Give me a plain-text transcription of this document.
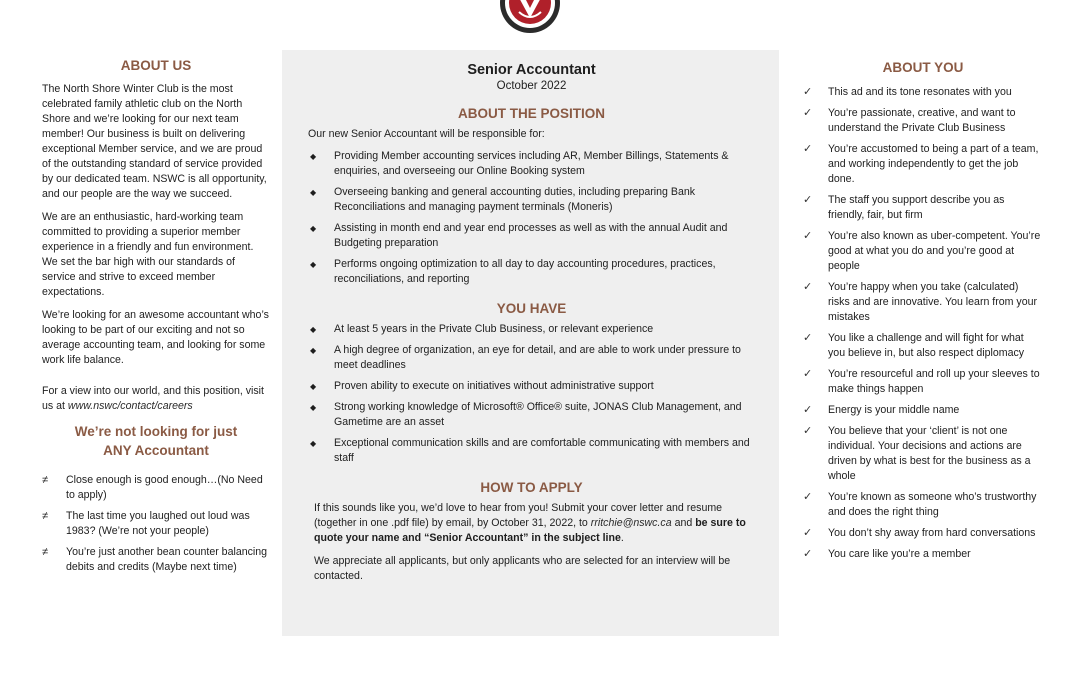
ABOUT US

The North Shore Winter Club is the most celebrated family athletic club on the North Shore and we’re looking for our next team member! Our business is built on delivering exceptional Member service, and we are proud of the outstanding standard of service provided by our dedicated team. NSWC is all opportunity, and our people are the way we succeed.

We are an enthusiastic, hard-working team committed to providing a superior member experience in a friendly and fun environment. We set the bar high with our standards of service and strive to exceed member expectations.

We’re looking for an awesome accountant who’s looking to be part of our exciting and not so average accounting team, and looking for some work life balance.

For a view into our world, and this position, visit us at www.nswc/contact/careers

We’re not looking for just
ANY Accountant
≠ Close enough is good enough…(No Need to apply)
≠ The last time you laughed out loud was 1983? (We’re not your people)
≠ You’re just another bean counter balancing debits and credits (Maybe next time)
Senior Accountant
October 2022
ABOUT THE POSITION

Our new Senior Accountant will be responsible for:

◆ Providing Member accounting services including AR, Member Billings, Statements & enquiries, and overseeing our Online Booking system
◆ Overseeing banking and general accounting duties, including preparing Bank Reconciliations and managing payment terminals (Moneris)
◆ Assisting in month end and year end processes as well as with the annual Audit and Budgeting preparation
◆ Performs ongoing optimization to all day to day accounting procedures, practices, reconciliations, and reporting
YOU HAVE
◆ At least 5 years in the Private Club Business, or relevant experience
◆ A high degree of organization, an eye for detail, and are able to work under pressure to meet deadlines
◆ Proven ability to execute on initiatives without administrative support
◆ Strong working knowledge of Microsoft® Office® suite, JONAS Club Management, and Gametime are an asset
◆ Exceptional communication skills and are comfortable communicating with members and staff
HOW TO APPLY

If this sounds like you, we’d love to hear from you! Submit your cover letter and resume (together in one .pdf file) by email, by October 31, 2022, to rritchie@nswc.ca and be sure to quote your name and “Senior Accountant” in the subject line.

We appreciate all applicants, but only applicants who are selected for an interview will be contacted.

ABOUT YOU
✓ This ad and its tone resonates with you
✓ You’re passionate, creative, and want to understand the Private Club Business
✓ You’re accustomed to being a part of a team, and working independently to get the job done.
✓ The staff you support describe you as friendly, fair, but firm
✓ You’re also known as uber-competent. You’re good at what you do and you’re good at people
✓ You’re happy when you take (calculated) risks and are innovative. You learn from your mistakes
✓ You like a challenge and will fight for what you believe in, but also respect diplomacy
✓ You’re resourceful and roll up your sleeves to make things happen
✓ Energy is your middle name
✓ You believe that your ‘client’ is not one individual. Your decisions and actions are driven by what is best for the business as a whole
✓ You’re known as someone who’s trustworthy and does the right thing
✓ You don’t shy away from hard conversations
✓ You care like you’re a member
